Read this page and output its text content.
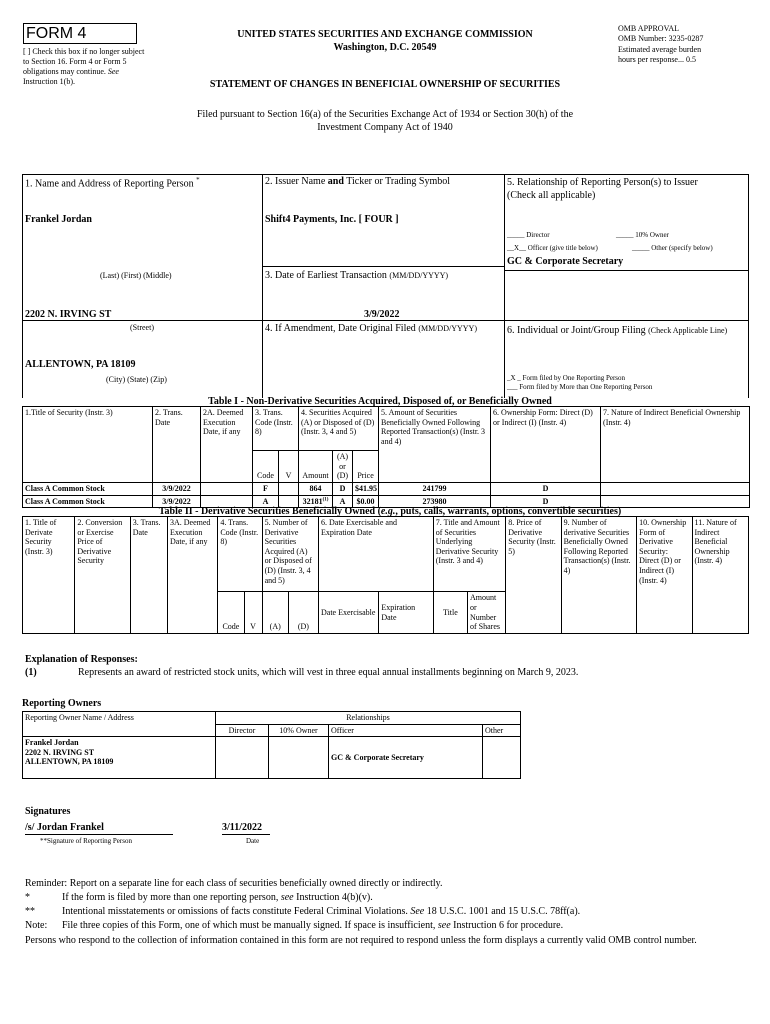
FORM 4
[ ] Check this box if no longer subject to Section 16. Form 4 or Form 5 obligations may continue. See Instruction 1(b).
UNITED STATES SECURITIES AND EXCHANGE COMMISSION
Washington, D.C. 20549
STATEMENT OF CHANGES IN BENEFICIAL OWNERSHIP OF SECURITIES
OMB APPROVAL
OMB Number: 3235-0287
Estimated average burden
hours per response... 0.5
Filed pursuant to Section 16(a) of the Securities Exchange Act of 1934 or Section 30(h) of the
Investment Company Act of 1940
1. Name and Address of Reporting Person *
Frankel Jordan
(Last) (First) (Middle)
2202 N. IRVING ST
(Street)
ALLENTOWN, PA 18109
(City) (State) (Zip)
2. Issuer Name and Ticker or Trading Symbol
Shift4 Payments, Inc. [ FOUR ]
3. Date of Earliest Transaction (MM/DD/YYYY)
3/9/2022
4. If Amendment, Date Original Filed (MM/DD/YYYY)
5. Relationship of Reporting Person(s) to Issuer
(Check all applicable)
_____ Director	_____ 10% Owner
__X__ Officer (give title below)	_____ Other (specify below)
GC & Corporate Secretary
6. Individual or Joint/Group Filing (Check Applicable Line)
_X _ Form filed by One Reporting Person
___ Form filed by More than One Reporting Person
Table I - Non-Derivative Securities Acquired, Disposed of, or Beneficially Owned
1.Title of Security (Instr. 3)	2. Trans. Date	2A. Deemed Execution Date, if any	3. Trans. Code (Instr. 8)		4. Securities Acquired (A) or Disposed of (D) (Instr. 3, 4 and 5)			5. Amount of Securities Beneficially Owned Following Reported Transaction(s) (Instr. 3 and 4)	6. Ownership Form: Direct (D) or Indirect (I) (Instr. 4)	7. Nature of Indirect Beneficial Ownership (Instr. 4)
			Code	V	Amount	(A) or (D)	Price			
Class A Common Stock	3/9/2022		F		864	D	$41.95	241799	D	
Class A Common Stock	3/9/2022		A		32181$^{(1)}$	A	$0.00	273980	D	
Table II - Derivative Securities Beneficially Owned (e.g., puts, calls, warrants, options, convertible securities)
1. Title of Derivate Security (Instr. 3)	2. Conversion or Exercise Price of Derivative Security	3. Trans. Date	3A. Deemed Execution Date, if any	4. Trans. Code (Instr. 8)		5. Number of Derivative Securities Acquired (A) or Disposed of (D) (Instr. 3, 4 and 5)		6. Date Exercisable and Expiration Date		7. Title and Amount of Securities Underlying Derivative Security (Instr. 3 and 4)		8. Price of Derivative Security (Instr. 5)	9. Number of derivative Securities Beneficially Owned Following Reported Transaction(s) (Instr. 4)	10. Ownership Form of Derivative Security: Direct (D) or Indirect (I) (Instr. 4)	11. Nature of Indirect Beneficial Ownership (Instr. 4)
				Code	V	(A)	(D)	Date Exercisable	Expiration Date	Title	Amount or Number of Shares				
Explanation of Responses:
(1)	Represents an award of restricted stock units, which will vest in three equal annual installments beginning on March 9, 2023.
Reporting Owners
Reporting Owner Name / Address	Relationships			
	Director	10% Owner	Officer	Other

Frankel Jordan
2202 N. IRVING ST
ALLENTOWN, PA 18109			GC & Corporate Secretary	
Signatures
/s/ Jordan Frankel	3/11/2022
**Signature of Reporting Person	Date
Reminder: Report on a separate line for each class of securities beneficially owned directly or indirectly.
*	If the form is filed by more than one reporting person, see Instruction 4(b)(v).
**	Intentional misstatements or omissions of facts constitute Federal Criminal Violations. See 18 U.S.C. 1001 and 15 U.S.C. 78ff(a).
Note: File three copies of this Form, one of which must be manually signed. If space is insufficient, see Instruction 6 for procedure.
Persons who respond to the collection of information contained in this form are not required to respond unless the form displays a currently valid OMB control number.
